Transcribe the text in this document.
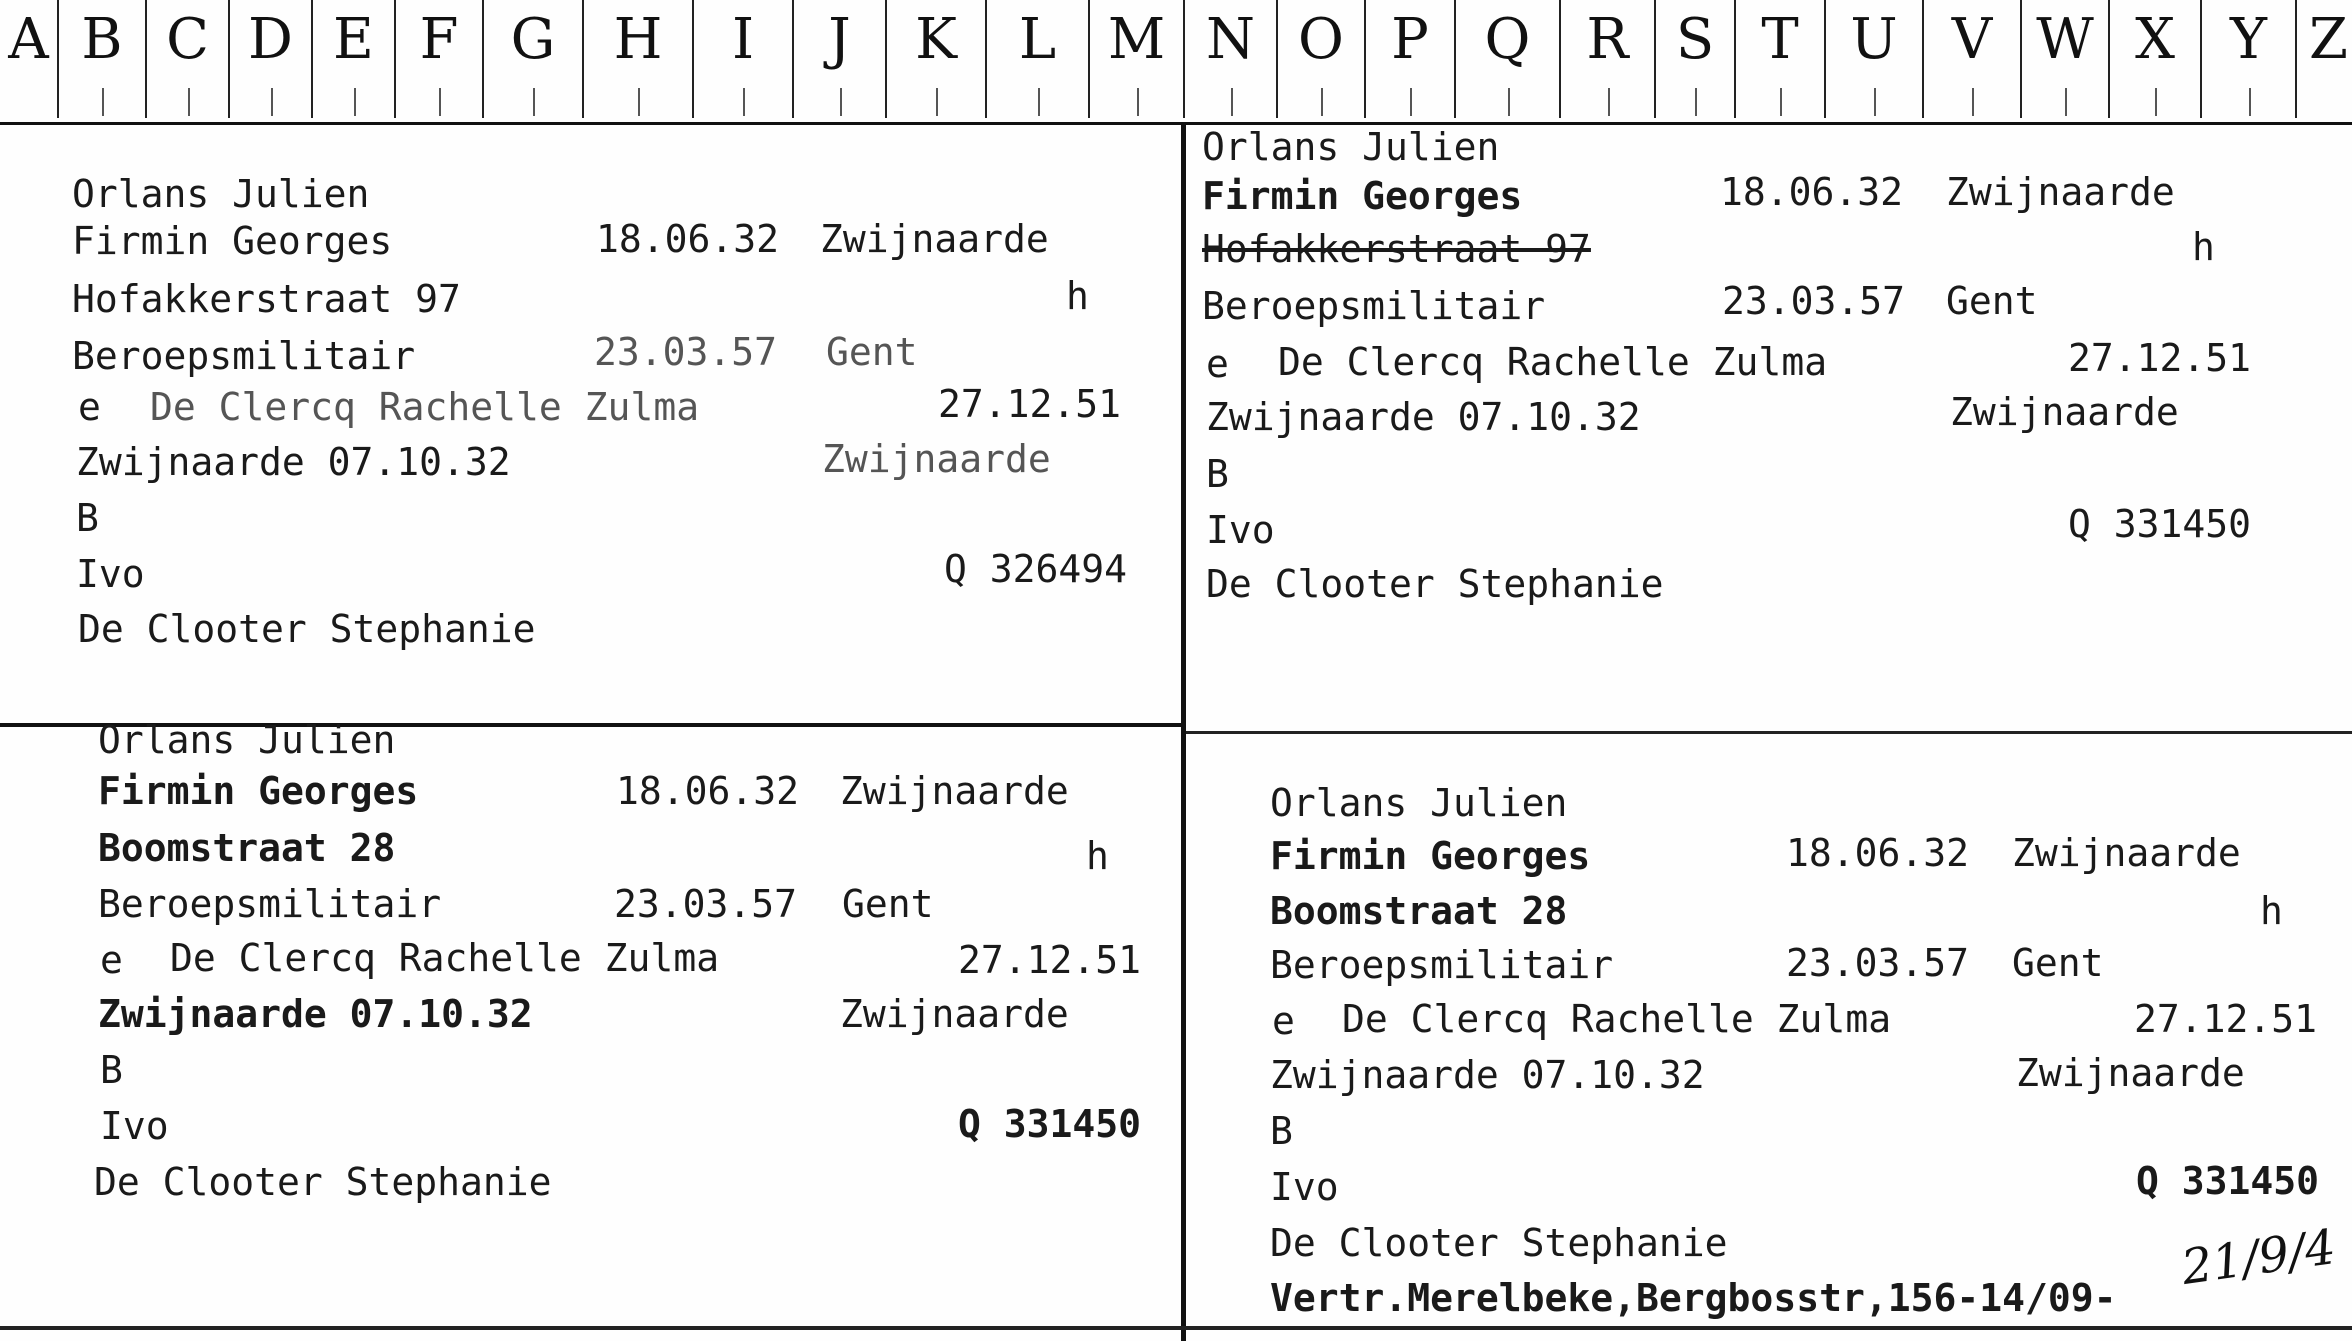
A B C D E F G	H	I	J	K	L M N O P Q R S T U V W X Y Z
Orlans Julien
Firmin Georges	18.06.32 Zwijnaarde
Hofakkerstraat 97	h
Beroepsmilitair	23.03.57 Gent
e De Clercq Rachelle Zulma	27.12.51
Zwijnaarde 07.10.32	Zwijnaarde
B
Ivo	Q 326494
De Clooter Stephanie
Orlans Julien
Firmin Georges	18.06.32 Zwijnaarde
Hofakkerstraat 97	h
Beroepsmilitair	23.03.57 Gent
e De Clercq Rachelle Zulma	27.12.51
Zwijnaarde 07.10.32	Zwijnaarde
B
Ivo	Q 331450
De Clooter Stephanie
Orlans Julien
Firmin Georges	18.06.32 Zwijnaarde
Boomstraat 28	h
Beroepsmilitair	23.03.57 Gent
e De Clercq Rachelle Zulma	27.12.51
Zwijnaarde 07.10.32	Zwijnaarde
B
Ivo	Q 331450
De Clooter Stephanie
Orlans Julien
Firmin Georges	18.06.32 Zwijnaarde
Boomstraat 28	h
Beroepsmilitair	23.03.57 Gent
e De Clercq Rachelle Zulma	27.12.51
Zwijnaarde 07.10.32	Zwijnaarde
B
Ivo	Q 331450
De Clooter Stephanie
Vertr.Merelbeke,Bergbosstr,156-14/09-
21/9/4
